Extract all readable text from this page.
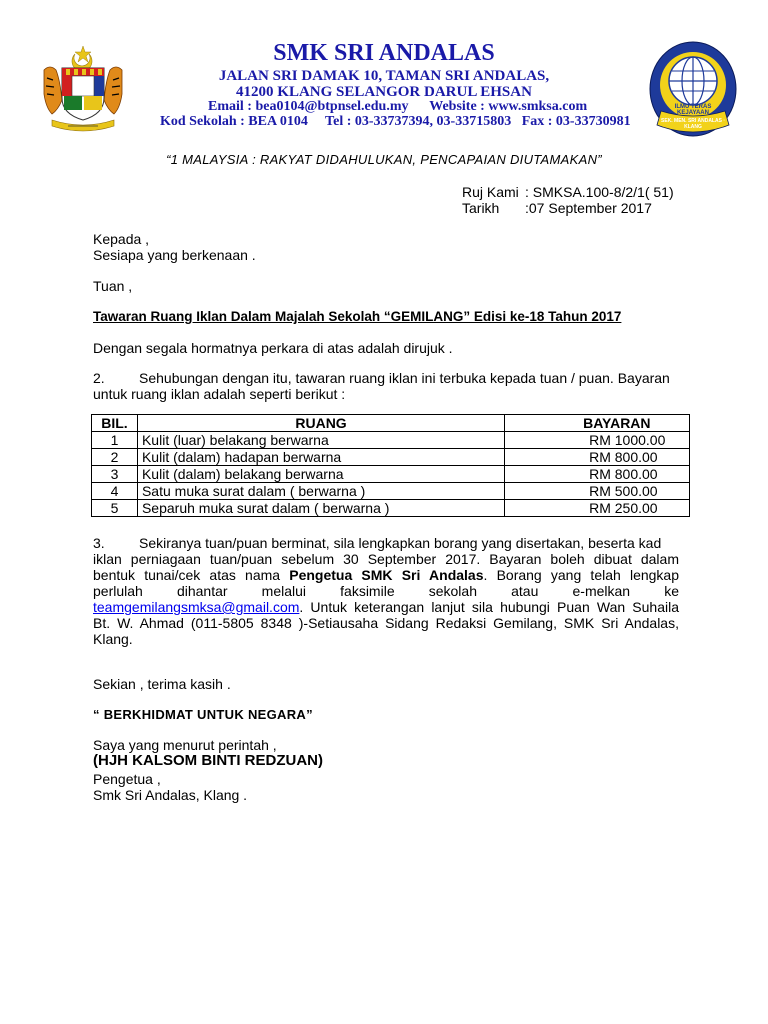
ILMU TERAS KEJAYAAN
SEK. MEN. SRI ANDALAS · KLANG
SMK SRI ANDALAS
JALAN SRI DAMAK 10, TAMAN SRI ANDALAS,
41200 KLANG SELANGOR DARUL EHSAN
Email : bea0104@btpnsel.edu.my      Website : www.smksa.com
Kod Sekolah : BEA 0104     Tel : 03-33737394, 03-33715803   Fax : 03-33730981
“1 MALAYSIA : RAKYAT DIDAHULUKAN, PENCAPAIAN DIUTAMAKAN”
Ruj Kami : SMKSA.100-8/2/1( 51)
Tarikh :07 September 2017
Kepada ,
Sesiapa yang berkenaan .
Tuan ,
Tawaran Ruang Iklan Dalam Majalah Sekolah “GEMILANG” Edisi ke-18 Tahun 2017
Dengan segala hormatnya perkara di atas adalah dirujuk .
2. Sehubungan dengan itu, tawaran ruang iklan ini terbuka kepada tuan / puan. Bayaran
untuk ruang iklan adalah seperti berikut :
BIL.	RUANG	BAYARAN
1	Kulit (luar) belakang berwarna	RM 1000.00
2	Kulit (dalam) hadapan berwarna	RM 800.00
3	Kulit (dalam) belakang berwarna	RM 800.00
4	Satu muka surat dalam ( berwarna )	RM 500.00
5	Separuh muka surat dalam ( berwarna )	RM 250.00
3. Sekiranya tuan/puan berminat, sila lengkapkan borang yang disertakan, beserta kad
iklan perniagaan tuan/puan sebelum 30 September 2017. Bayaran boleh dibuat dalam
bentuk tunai/cek atas nama Pengetua SMK Sri Andalas. Borang yang telah lengkap
perlulah dihantar melalui faksimile sekolah atau e-melkan ke
teamgemilangsmksa@gmail.com. Untuk keterangan lanjut sila hubungi Puan Wan Suhaila
Bt. W. Ahmad (011-5805 8348 )-Setiausaha Sidang Redaksi Gemilang, SMK Sri Andalas,
Klang.
Sekian , terima kasih .
“ BERKHIDMAT UNTUK NEGARA”
Saya yang menurut perintah ,
(HJH KALSOM BINTI REDZUAN)
Pengetua ,
Smk Sri Andalas, Klang .
